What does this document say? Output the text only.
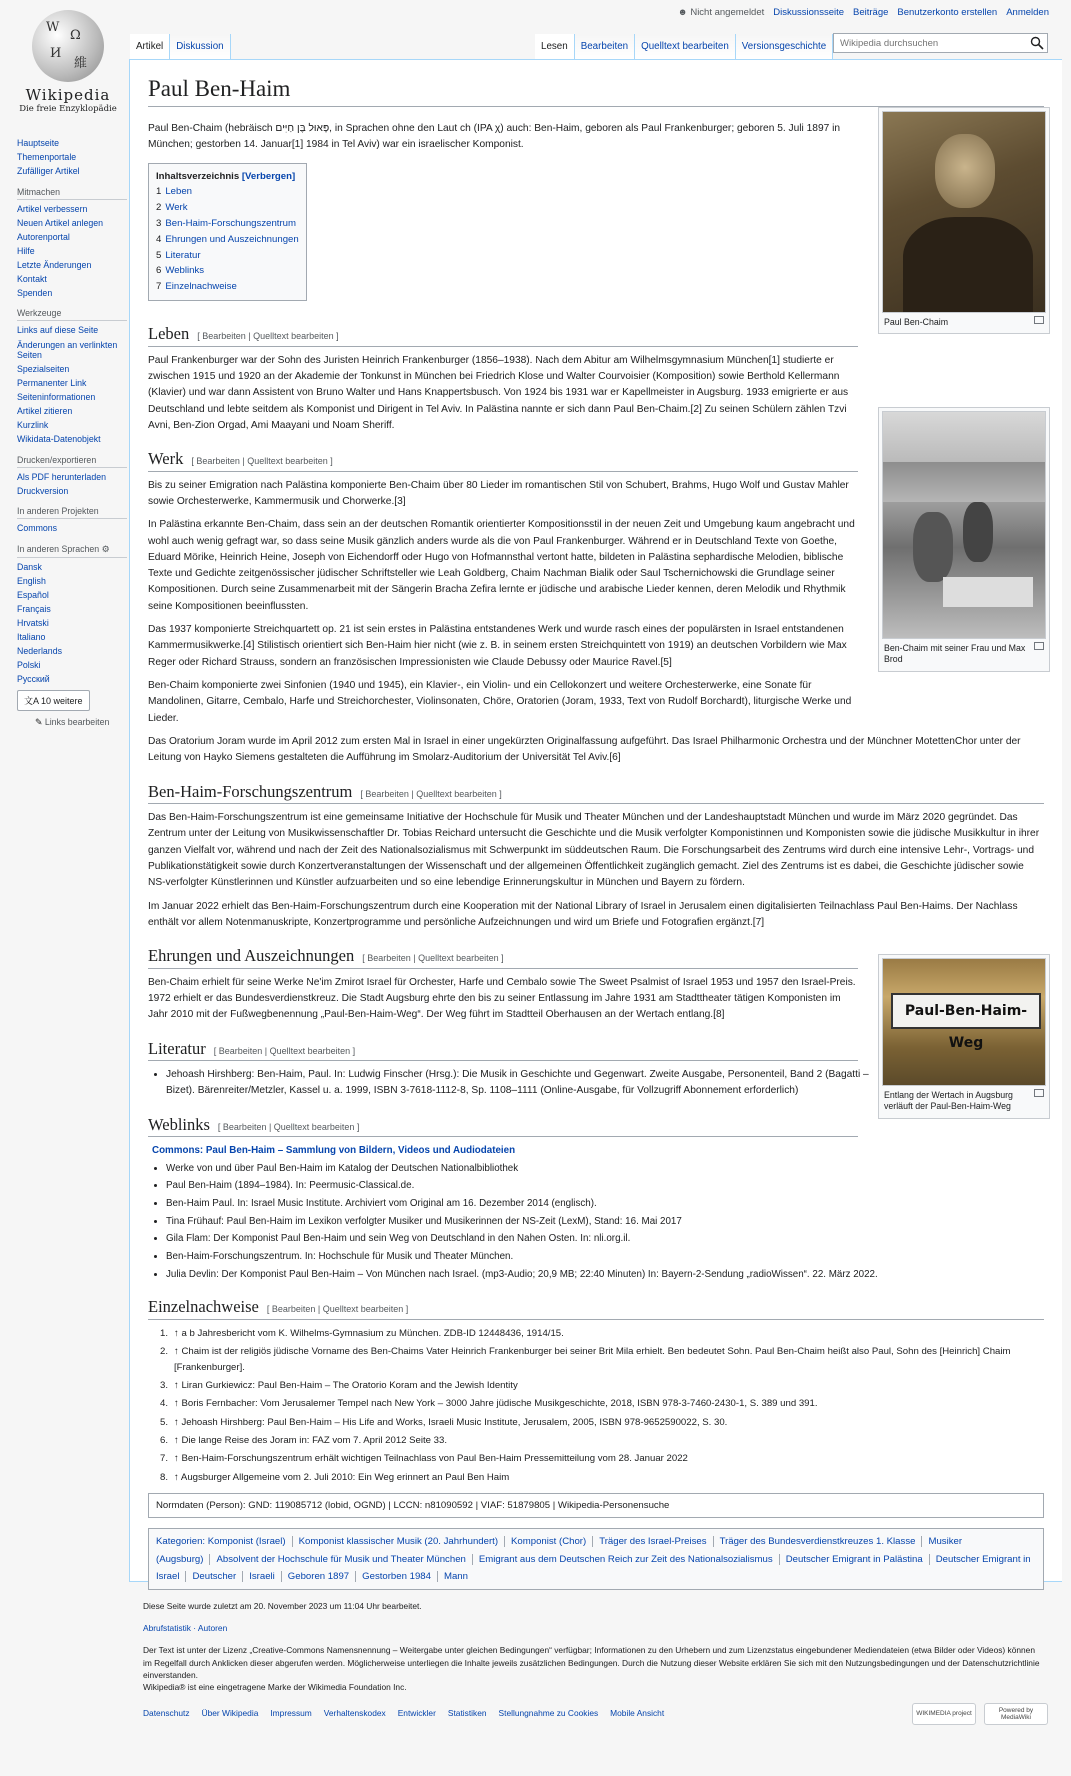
W
Ω
И
維
Wikipedia
Die freie Enzyklopädie
☻ Nicht angemeldet Diskussionsseite Beiträge Benutzerkonto erstellen Anmelden
Artikel	Diskussion	Lesen	Bearbeiten	Quelltext bearbeiten	Versionsgeschichte
Wikipedia durchsuchen
Hauptseite
Themenportale
Zufälliger Artikel
Mitmachen
Artikel verbessern
Neuen Artikel anlegen
Autorenportal
Hilfe
Letzte Änderungen
Kontakt
Spenden
Werkzeuge
Links auf diese Seite
Änderungen an verlinkten Seiten
Spezialseiten
Permanenter Link
Seiteninformationen
Artikel zitieren
Kurzlink
Wikidata-Datenobjekt
Drucken/exportieren
Als PDF herunterladen
Druckversion
In anderen Projekten
Commons
In anderen Sprachen ⚙
Dansk
English
Español
Français
Hrvatski
Italiano
Nederlands
Polski
Русский
文A 10 weitere
✎ Links bearbeiten
Paul Ben-Haim
Paul Ben-Chaim
Ben-Chaim mit seiner Frau und Max Brod
Paul-Ben-Haim-Weg
Entlang der Wertach in Augsburg verläuft der Paul-Ben-Haim-Weg

Paul Ben-Chaim (hebräisch פָּאוּל בֶּן חַיִּים, in Sprachen ohne den Laut ch (IPA χ) auch: Ben-Haim, geboren als Paul Frankenburger; geboren 5. Juli 1897 in München; gestorben 14. Januar[1] 1984 in Tel Aviv) war ein israelischer Komponist.

Inhaltsverzeichnis [Verbergen]
1 Leben
2 Werk
3 Ben-Haim-Forschungszentrum
4 Ehrungen und Auszeichnungen
5 Literatur
6 Weblinks
7 Einzelnachweise
Leben [ Bearbeiten | Quelltext bearbeiten ]

Paul Frankenburger war der Sohn des Juristen Heinrich Frankenburger (1856–1938). Nach dem Abitur am Wilhelmsgymnasium München[1] studierte er zwischen 1915 und 1920 an der Akademie der Tonkunst in München bei Friedrich Klose und Walter Courvoisier (Komposition) sowie Berthold Kellermann (Klavier) und war dann Assistent von Bruno Walter und Hans Knappertsbusch. Von 1924 bis 1931 war er Kapellmeister in Augsburg. 1933 emigrierte er aus Deutschland und lebte seitdem als Komponist und Dirigent in Tel Aviv. In Palästina nannte er sich dann Paul Ben-Chaim.[2] Zu seinen Schülern zählen Tzvi Avni, Ben-Zion Orgad, Ami Maayani und Noam Sheriff.

Werk [ Bearbeiten | Quelltext bearbeiten ]

Bis zu seiner Emigration nach Palästina komponierte Ben-Chaim über 80 Lieder im romantischen Stil von Schubert, Brahms, Hugo Wolf und Gustav Mahler sowie Orchesterwerke, Kammermusik und Chorwerke.[3]

In Palästina erkannte Ben-Chaim, dass sein an der deutschen Romantik orientierter Kompositionsstil in der neuen Zeit und Umgebung kaum angebracht und wohl auch wenig gefragt war, so dass seine Musik gänzlich anders wurde als die von Paul Frankenburger. Während er in Deutschland Texte von Goethe, Eduard Mörike, Heinrich Heine, Joseph von Eichendorff oder Hugo von Hofmannsthal vertont hatte, bildeten in Palästina sephardische Melodien, biblische Texte und Gedichte zeitgenössischer jüdischer Schriftsteller wie Leah Goldberg, Chaim Nachman Bialik oder Saul Tschernichowski die Grundlage seiner Kompositionen. Durch seine Zusammenarbeit mit der Sängerin Bracha Zefira lernte er jüdische und arabische Lieder kennen, deren Melodik und Rhythmik seine Kompositionen beeinflussten.

Das 1937 komponierte Streichquartett op. 21 ist sein erstes in Palästina entstandenes Werk und wurde rasch eines der populärsten in Israel entstandenen Kammermusikwerke.[4] Stilistisch orientiert sich Ben-Haim hier nicht (wie z. B. in seinem ersten Streichquintett von 1919) an deutschen Vorbildern wie Max Reger oder Richard Strauss, sondern an französischen Impressionisten wie Claude Debussy oder Maurice Ravel.[5]

Ben-Chaim komponierte zwei Sinfonien (1940 und 1945), ein Klavier-, ein Violin- und ein Cellokonzert und weitere Orchesterwerke, eine Sonate für Mandolinen, Gitarre, Cembalo, Harfe und Streichorchester, Violinsonaten, Chöre, Oratorien (Joram, 1933, Text von Rudolf Borchardt), liturgische Werke und Lieder.

Das Oratorium Joram wurde im April 2012 zum ersten Mal in Israel in einer ungekürzten Originalfassung aufgeführt. Das Israel Philharmonic Orchestra und der Münchner MotettenChor unter der Leitung von Hayko Siemens gestalteten die Aufführung im Smolarz-Auditorium der Universität Tel Aviv.[6]

Ben-Haim-Forschungszentrum [ Bearbeiten | Quelltext bearbeiten ]

Das Ben-Haim-Forschungszentrum ist eine gemeinsame Initiative der Hochschule für Musik und Theater München und der Landeshauptstadt München und wurde im März 2020 gegründet. Das Zentrum unter der Leitung von Musikwissenschaftler Dr. Tobias Reichard untersucht die Geschichte und die Musik verfolgter Komponistinnen und Komponisten sowie die jüdische Musikkultur in ihrer ganzen Vielfalt vor, während und nach der Zeit des Nationalsozialismus mit Schwerpunkt im süddeutschen Raum. Die Forschungsarbeit des Zentrums wird durch eine intensive Lehr-, Vortrags- und Publikationstätigkeit sowie durch Konzertveranstaltungen der Wissenschaft und der allgemeinen Öffentlichkeit zugänglich gemacht. Ziel des Zentrums ist es dabei, die Geschichte jüdischer sowie NS-verfolgter Künstlerinnen und Künstler aufzuarbeiten und so eine lebendige Erinnerungskultur in München und Bayern zu fördern.

Im Januar 2022 erhielt das Ben-Haim-Forschungszentrum durch eine Kooperation mit der National Library of Israel in Jerusalem einen digitalisierten Teilnachlass Paul Ben-Haims. Der Nachlass enthält vor allem Notenmanuskripte, Konzertprogramme und persönliche Aufzeichnungen und wird um Briefe und Fotografien ergänzt.[7]

Ehrungen und Auszeichnungen [ Bearbeiten | Quelltext bearbeiten ]

Ben-Chaim erhielt für seine Werke Ne'im Zmirot Israel für Orchester, Harfe und Cembalo sowie The Sweet Psalmist of Israel 1953 und 1957 den Israel-Preis. 1972 erhielt er das Bundesverdienstkreuz. Die Stadt Augsburg ehrte den bis zu seiner Entlassung im Jahre 1931 am Stadttheater tätigen Komponisten im Jahr 2010 mit der Fußwegbenennung „Paul-Ben-Haim-Weg“. Der Weg führt im Stadtteil Oberhausen an der Wertach entlang.[8]

Literatur [ Bearbeiten | Quelltext bearbeiten ]
• Jehoash Hirshberg: Ben-Haim, Paul. In: Ludwig Finscher (Hrsg.): Die Musik in Geschichte und Gegenwart. Zweite Ausgabe, Personenteil, Band 2 (Bagatti – Bizet). Bärenreiter/Metzler, Kassel u. a. 1999, ISBN 3-7618-1112-8, Sp. 1108–1111 (Online-Ausgabe, für Vollzugriff Abonnement erforderlich)
Weblinks [ Bearbeiten | Quelltext bearbeiten ]
Commons: Paul Ben-Haim – Sammlung von Bildern, Videos und Audiodateien
• Werke von und über Paul Ben-Haim im Katalog der Deutschen Nationalbibliothek
• Paul Ben-Haim (1894–1984). In: Peermusic-Classical.de.
• Ben-Haim Paul. In: Israel Music Institute. Archiviert vom Original am 16. Dezember 2014 (englisch).
• Tina Frühauf: Paul Ben-Haim im Lexikon verfolgter Musiker und Musikerinnen der NS-Zeit (LexM), Stand: 16. Mai 2017
• Gila Flam: Der Komponist Paul Ben-Haim und sein Weg von Deutschland in den Nahen Osten. In: nli.org.il.
• Ben-Haim-Forschungszentrum. In: Hochschule für Musik und Theater München.
• Julia Devlin: Der Komponist Paul Ben-Haim – Von München nach Israel. (mp3-Audio; 20,9 MB; 22:40 Minuten) In: Bayern-2-Sendung „radioWissen“. 22. März 2022.
Einzelnachweise [ Bearbeiten | Quelltext bearbeiten ]
1. ↑ a b Jahresbericht vom K. Wilhelms-Gymnasium zu München. ZDB-ID 12448436, 1914/15.
2. ↑ Chaim ist der religiös jüdische Vorname des Ben-Chaims Vater Heinrich Frankenburger bei seiner Brit Mila erhielt. Ben bedeutet Sohn. Paul Ben-Chaim heißt also Paul, Sohn des [Heinrich] Chaim [Frankenburger].
3. ↑ Liran Gurkiewicz: Paul Ben-Haim – The Oratorio Koram and the Jewish Identity
4. ↑ Boris Fernbacher: Vom Jerusalemer Tempel nach New York – 3000 Jahre jüdische Musikgeschichte, 2018, ISBN 978-3-7460-2430-1, S. 389 und 391.
5. ↑ Jehoash Hirshberg: Paul Ben-Haim – His Life and Works, Israeli Music Institute, Jerusalem, 2005, ISBN 978-9652590022, S. 30.
6. ↑ Die lange Reise des Joram in: FAZ vom 7. April 2012 Seite 33.
7. ↑ Ben-Haim-Forschungszentrum erhält wichtigen Teilnachlass von Paul Ben-Haim Pressemitteilung vom 28. Januar 2022
8. ↑ Augsburger Allgemeine vom 2. Juli 2010: Ein Weg erinnert an Paul Ben Haim
Normdaten (Person): GND: 119085712 (lobid, OGND) | LCCN: n81090592 | VIAF: 51879805 | Wikipedia-Personensuche
Kategorien: Komponist (Israel) Komponist klassischer Musik (20. Jahrhundert) Komponist (Chor) Träger des Israel-Preises Träger des Bundesverdienstkreuzes 1. Klasse Musiker (Augsburg) Absolvent der Hochschule für Musik und Theater München Emigrant aus dem Deutschen Reich zur Zeit des Nationalsozialismus Deutscher Emigrant in Palästina Deutscher Emigrant in Israel Deutscher Israeli Geboren 1897 Gestorben 1984 Mann
Diese Seite wurde zuletzt am 20. November 2023 um 11:04 Uhr bearbeitet.
Abrufstatistik · Autoren
Der Text ist unter der Lizenz „Creative-Commons Namensnennung – Weitergabe unter gleichen Bedingungen“ verfügbar; Informationen zu den Urhebern und zum Lizenzstatus eingebundener Mediendateien (etwa Bilder oder Videos) können im Regelfall durch Anklicken dieser abgerufen werden. Möglicherweise unterliegen die Inhalte jeweils zusätzlichen Bedingungen. Durch die Nutzung dieser Website erklären Sie sich mit den Nutzungsbedingungen und der Datenschutzrichtlinie einverstanden.
Wikipedia® ist eine eingetragene Marke der Wikimedia Foundation Inc.
Datenschutz Über Wikipedia Impressum Verhaltenskodex Entwickler Statistiken Stellungnahme zu Cookies Mobile Ansicht	WIKIMEDIA project
Powered by MediaWiki
